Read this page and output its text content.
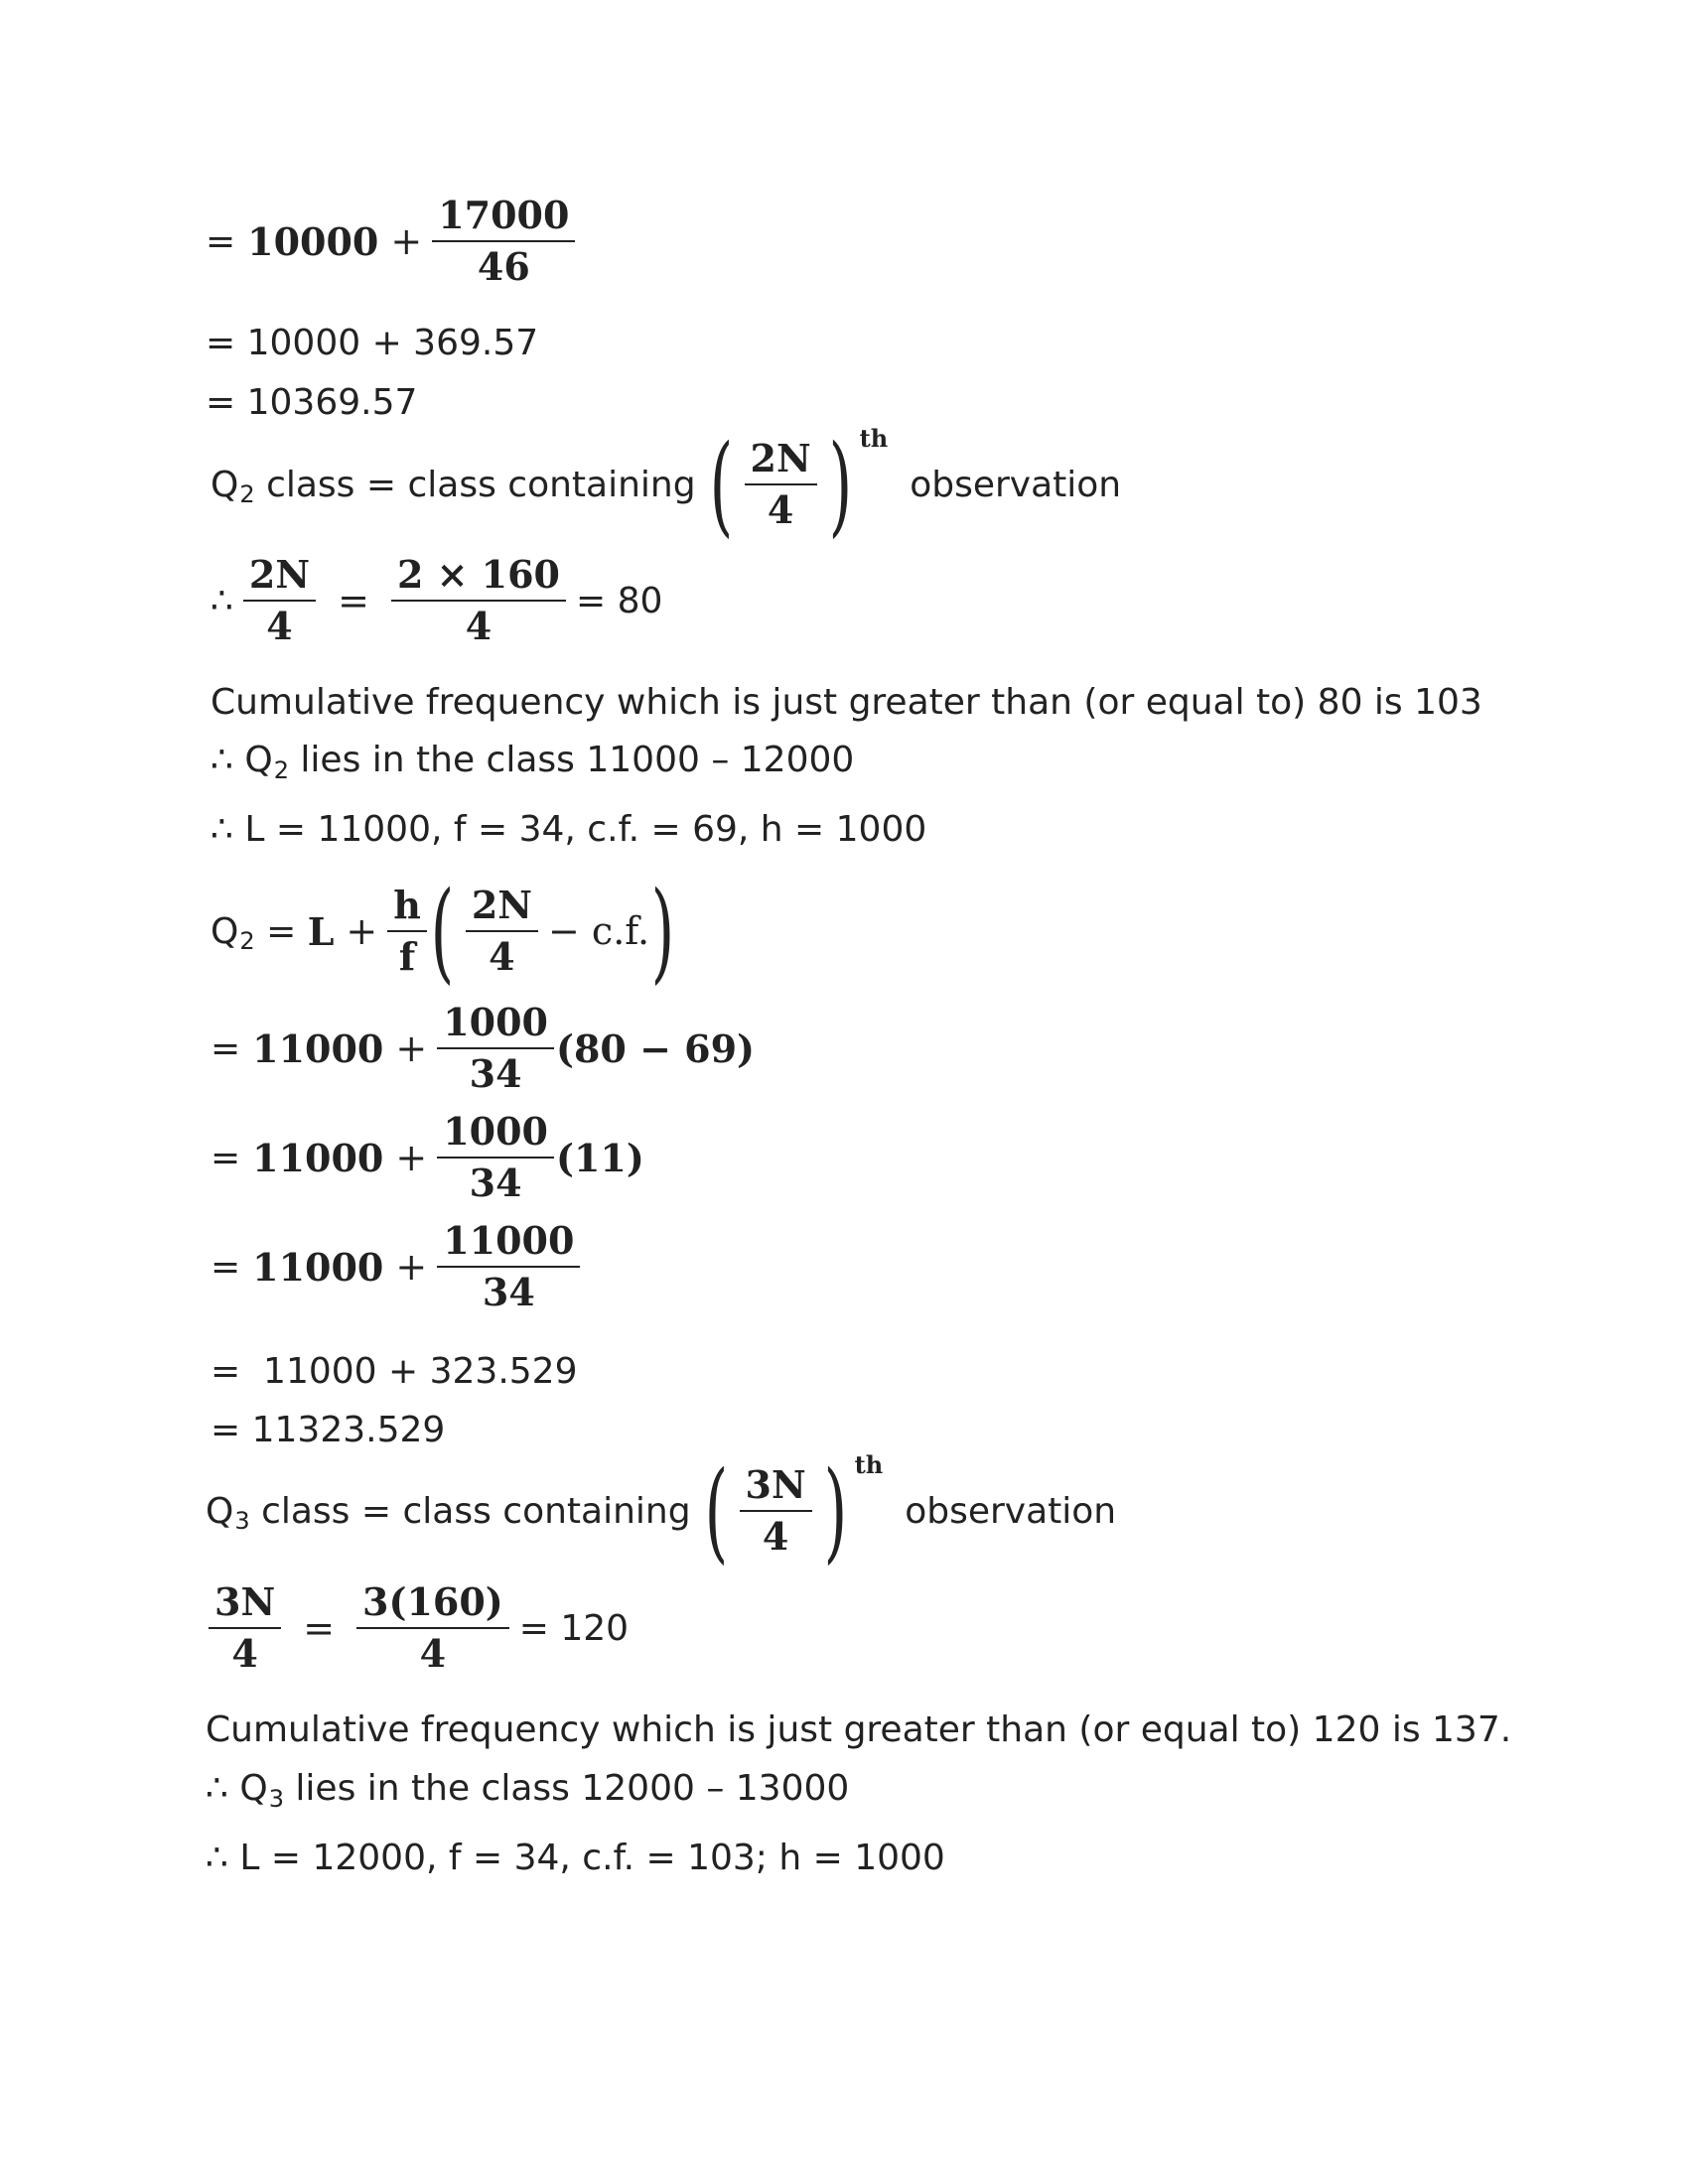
= $10000 + \frac{17000}{46}$
= 10000 + 369.57
= 10369.57
Q 2 class = class containing ( $\frac{2N}{4}$ ) th
observation
∴ $\frac{2N}{4} = \frac{2 \times 160}{4} = 80$
Cumulative frequency which is just greater than (or equal to) 80 is 103
∴ Q 2 lies in the class 11000 – 12000
∴ L = 11000, f = 34, c.f. = 69, h = 1000
Q $2 = L + \frac{h}{f}$ ( $\frac{2N}{4} - c.f$. )
= $11000 + \frac{1000}{34} (80 - 69)$
= $11000 + \frac{1000}{34} (11)$
= $11000 + \frac{11000}{34}$
=  11000 + 323.529
= 11323.529
Q 3 class = class containing ( $\frac{3N}{4}$ ) th
observation
$\frac{3N}{4} = \frac{3(160)}{4} = 120$
Cumulative frequency which is just greater than (or equal to) 120 is 137.
∴ Q 3 lies in the class 12000 – 13000
∴ L = 12000, f = 34, c.f. = 103; h = 1000
